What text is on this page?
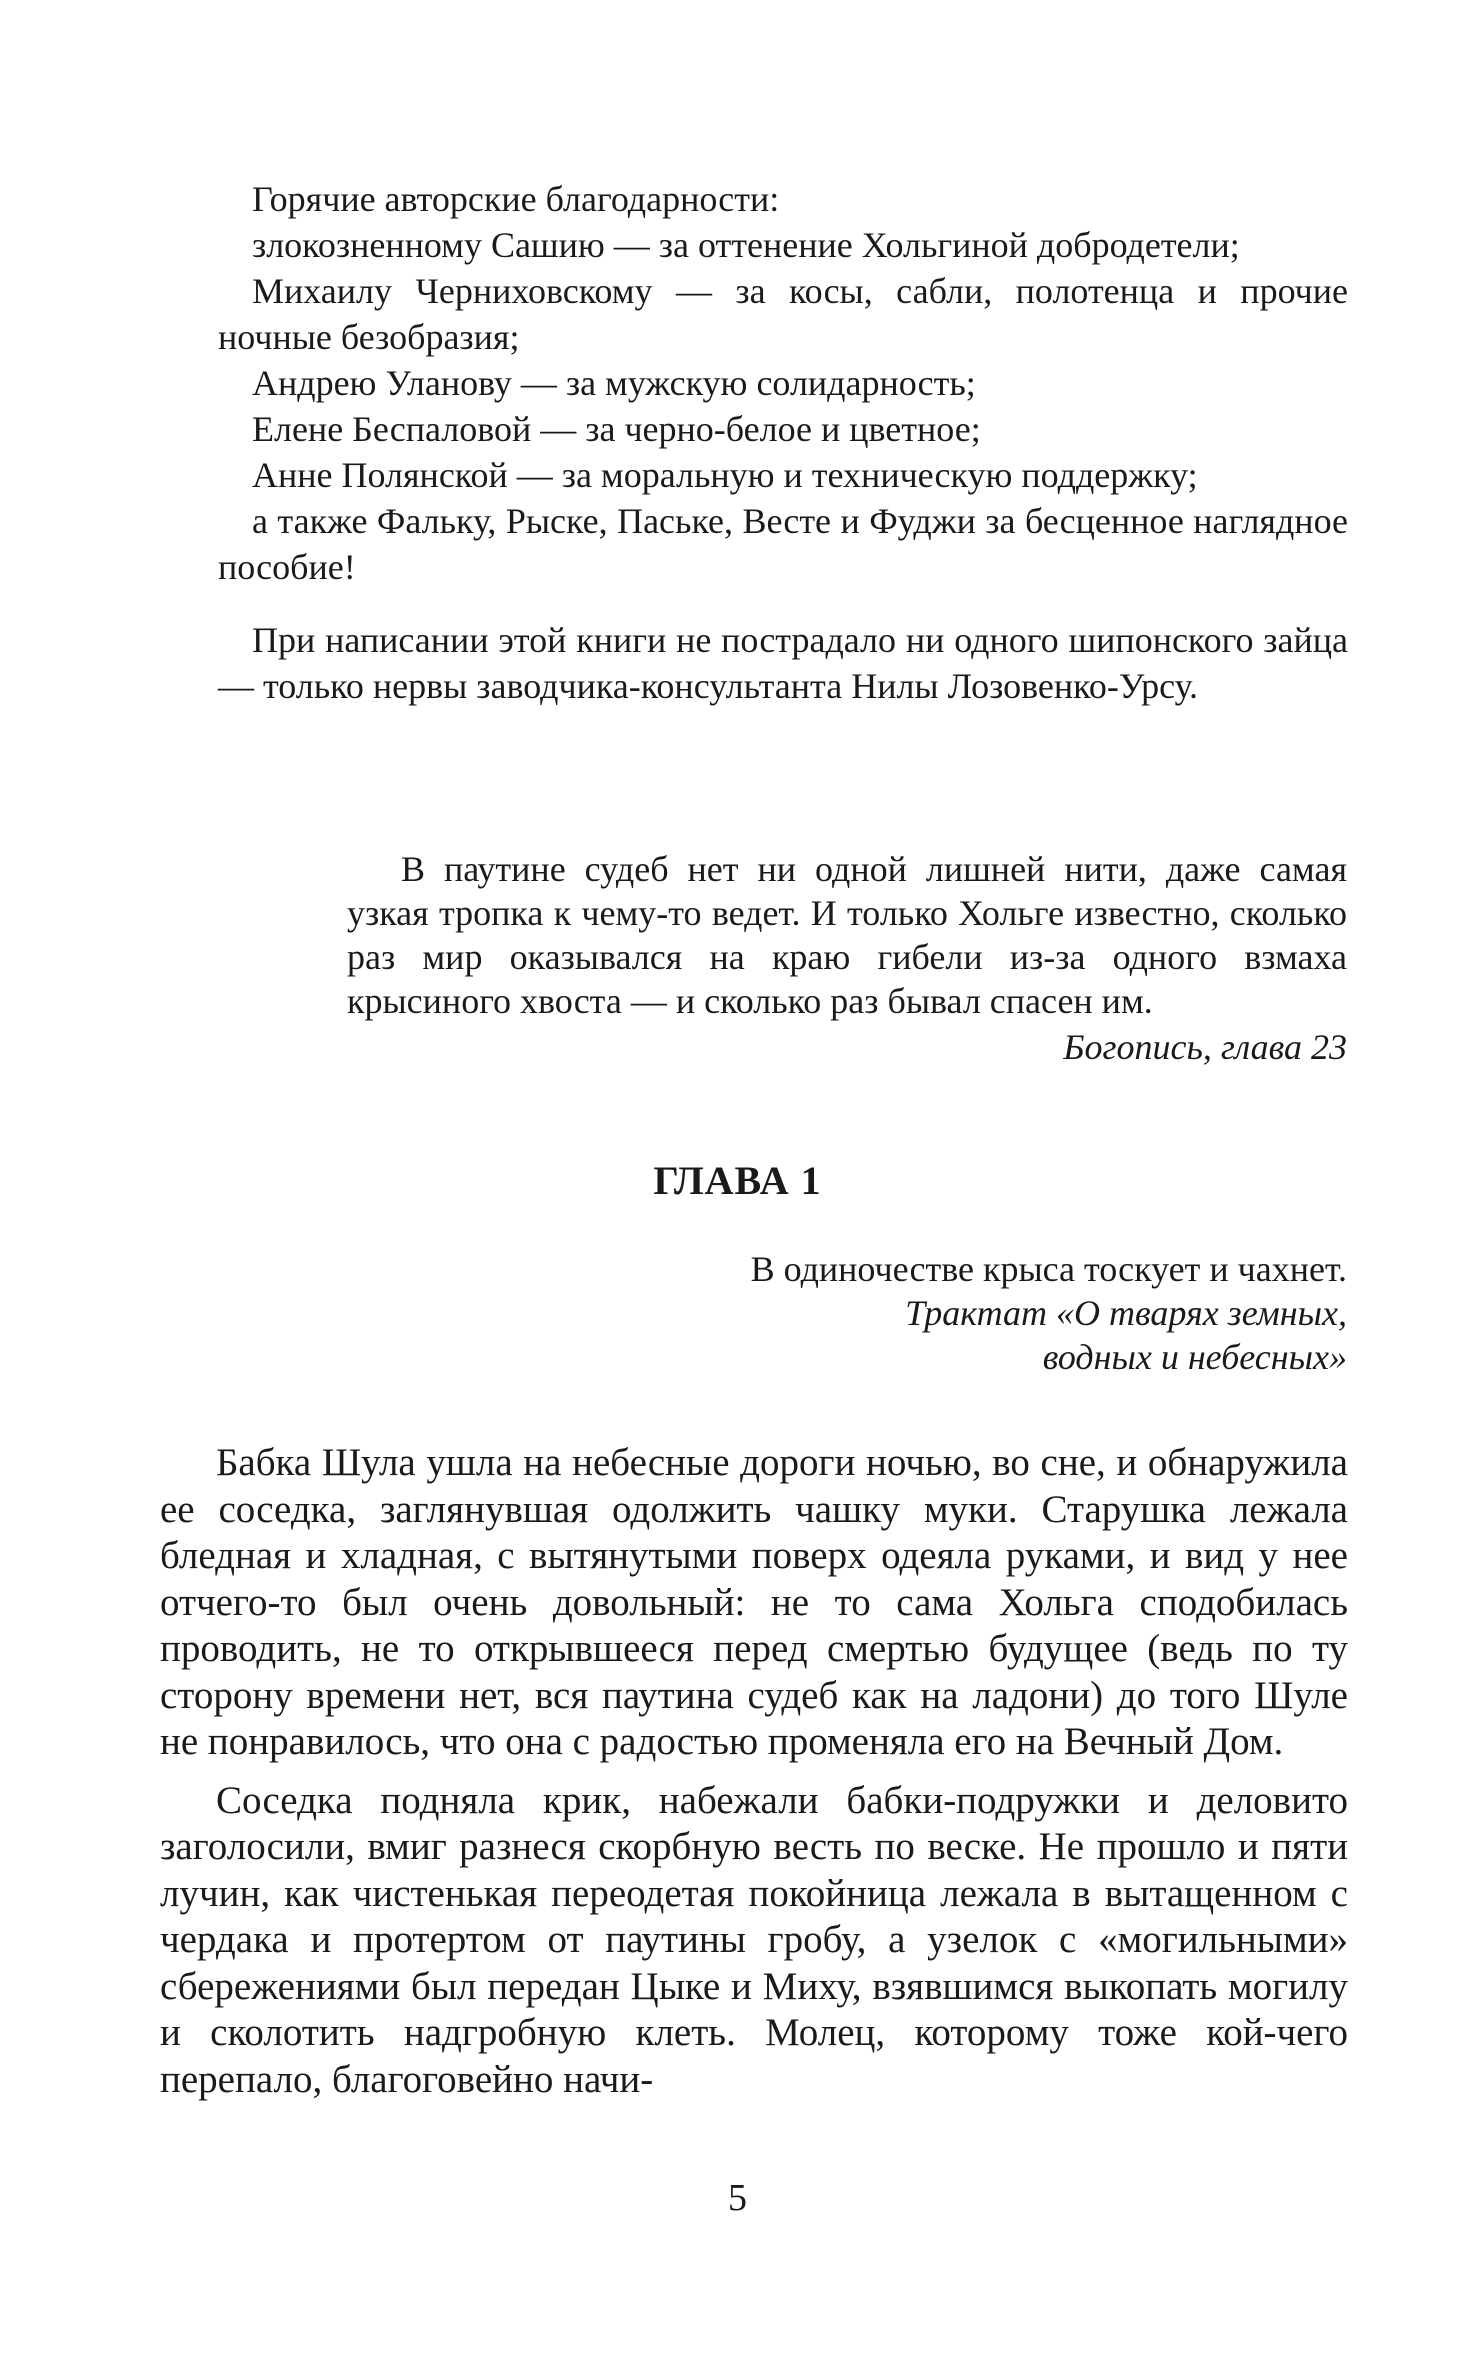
Горячие авторские благодарности:
злокозненному Сашию — за оттенение Хольгиной добродетели;
Михаилу Черниховскому — за косы, сабли, полотенца и прочие ночные безобразия;
Андрею Уланову — за мужскую солидарность;
Елене Беспаловой — за черно-белое и цветное;
Анне Полянской — за моральную и техническую поддержку;
а также Фальку, Рыске, Паське, Весте и Фуджи за бесценное наглядное пособие!

При написании этой книги не пострадало ни одного шипонского зайца — только нервы заводчика-консультанта Нилы Лозовенко-Урсу.

В паутине судеб нет ни одной лишней нити, даже самая узкая тропка к чему-то ведет. И только Хольге известно, сколько раз мир оказывался на краю гибели из-за одного взмаха крысиного хвоста — и сколько раз бывал спасен им.

Богопись, глава 23
ГЛАВА 1

В одиночестве крыса тоскует и чахнет.

Трактат «О тварях земных,
водных и небесных»

Бабка Шула ушла на небесные дороги ночью, во сне, и обнаружила ее соседка, заглянувшая одолжить чашку муки. Старушка лежала бледная и хладная, с вытянутыми поверх одеяла руками, и вид у нее отчего-то был очень довольный: не то сама Хольга сподобилась проводить, не то открывшееся перед смертью будущее (ведь по ту сторону времени нет, вся паутина судеб как на ладони) до того Шуле не понравилось, что она с радостью променяла его на Вечный Дом.

Соседка подняла крик, набежали бабки-подружки и деловито заголосили, вмиг разнеся скорбную весть по веске. Не прошло и пяти лучин, как чистенькая переодетая покойница лежала в вытащенном с чердака и протертом от паутины гробу, а узелок с «могильными» сбережениями был передан Цыке и Миху, взявшимся выкопать могилу и сколотить надгробную клеть. Молец, которому тоже кой-чего перепало, благоговейно начи-

5
